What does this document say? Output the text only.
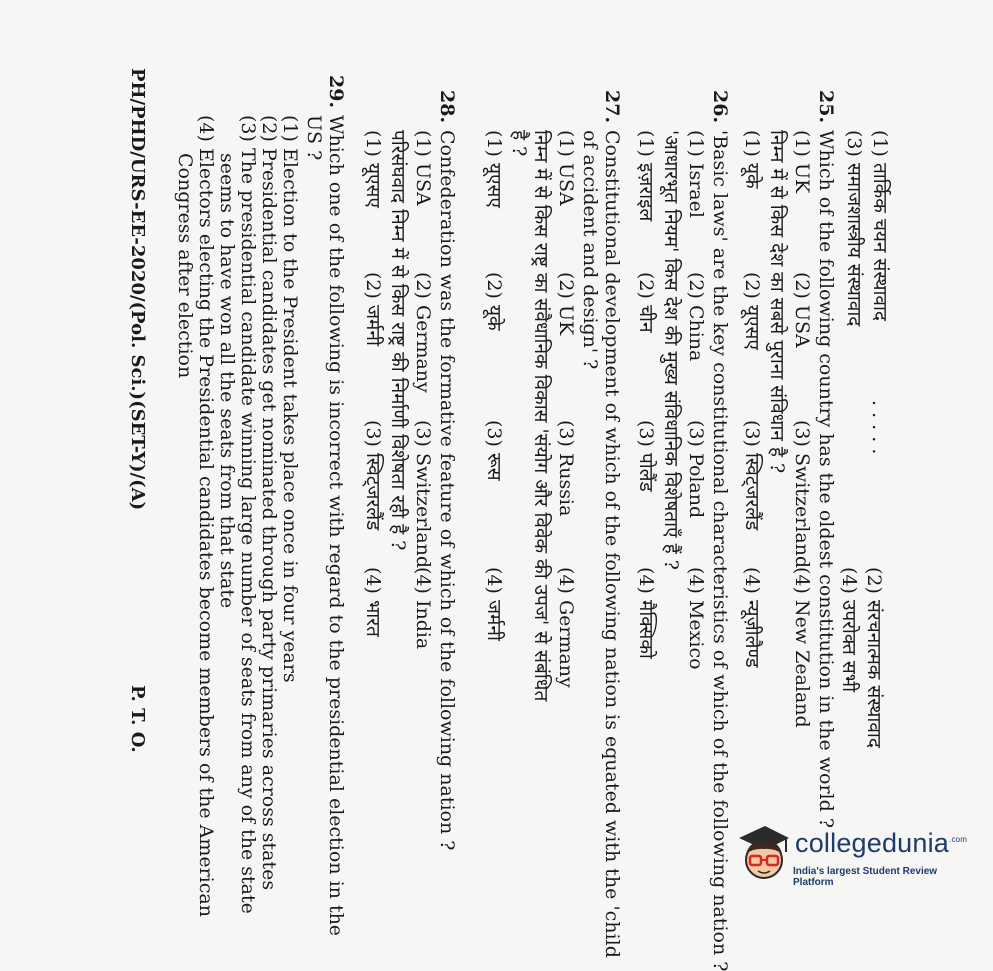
(1) तार्किक चयन संस्थावाद
. . . . .
(2) संरचनात्मक संस्थावाद
(3) समाजशास्त्रीय संस्थावाद
(4) उपरोक्त सभी
25.
Which of the following country has the oldest constitution in the world ?
(1) UK
(2) USA
(3) Switzerland
(4) New Zealand
निम्न में से किस देश का सबसे पुराना संविधान है ?
(1) यूके
(2) यूएसए
(3) स्विट्जरलैंड
(4) न्यूज़ीलैण्ड
26.
'Basic laws' are the key constitutional characteristics of which of the following nation ?
(1) Israel
(2) China
(3) Poland
(4) Mexico
'आधारभूत नियम' किस देश की मुख्य संविधानिक विशेषताएँ हैं ?
(1) इज़राइल
(2) चीन
(3) पोलैंड
(4) मैक्सिको
27.
Constitutional development of which of the following nation is equated with the 'child
of accident and design' ?
(1) USA
(2) UK
(3) Russia
(4) Germany
निम्न में से किस राष्ट्र का संवैधानिक विकास 'संयोग और विवेक की उपज' से संबंधित
है ?
(1) यूएसए
(2) यूके
(3) रूस
(4) जर्मनी
28.
Confederation was the formative feature of which of the following nation ?
(1) USA
(2) Germany
(3) Switzerland
(4) India
परिसंघवाद निम्न में से किस राष्ट्र की निर्माणी विशेषता रही है ?
(1) यूएसए
(2) जर्मनी
(3) स्विट्जरलैंड
(4) भारत
29.
Which one of the following is incorrect with regard to the presidential election in the
US ?
(1) Election to the President takes place once in four years
(2) Presidential candidates get nominated through party primaries across states
(3) The presidential candidate winning large number of seats from any of the state
seems to have won all the seats from that state
(4) Electors electing the Presidential candidates become members of the American
Congress after election
PH/PHD/URS-EE-2020/(Pol. Sci.)(SET-Y)/(A)
P. T. O.
collegedunia$^{.com}$
India's largest Student Review Platform
